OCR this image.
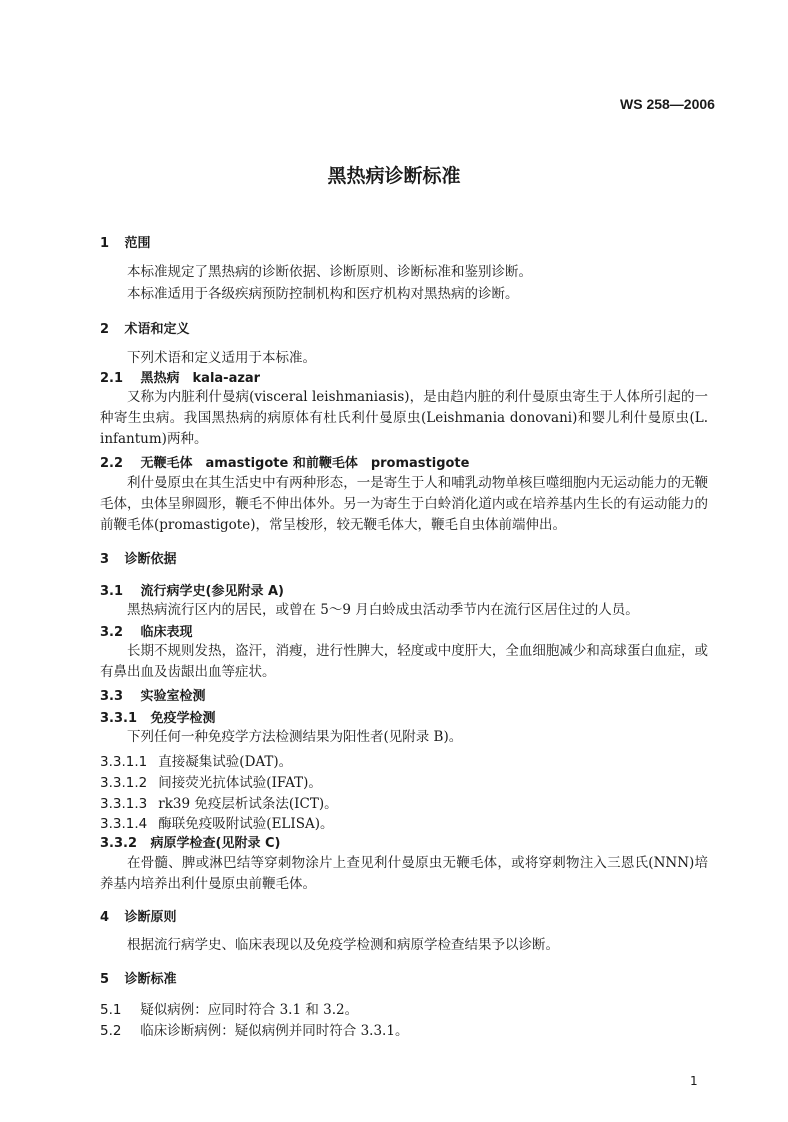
WS 258—2006
黑热病诊断标准
1 范围
本标准规定了黑热病的诊断依据、诊断原则、诊断标准和鉴别诊断。
本标准适用于各级疾病预防控制机构和医疗机构对黑热病的诊断。
2 术语和定义
下列术语和定义适用于本标准。
2.1 黑热病　kala-azar
又称为内脏利什曼病(visceral leishmaniasis)，是由趋内脏的利什曼原虫寄生于人体所引起的一种寄生虫病。我国黑热病的病原体有杜氏利什曼原虫(Leishmania donovani)和婴儿利什曼原虫(L. infantum)两种。
2.2 无鞭毛体　amastigote 和前鞭毛体　promastigote
利什曼原虫在其生活史中有两种形态，一是寄生于人和哺乳动物单核巨噬细胞内无运动能力的无鞭毛体，虫体呈卵圆形，鞭毛不伸出体外。另一为寄生于白蛉消化道内或在培养基内生长的有运动能力的前鞭毛体(promastigote)，常呈梭形，较无鞭毛体大，鞭毛自虫体前端伸出。
3 诊断依据
3.1 流行病学史(参见附录 A)
黑热病流行区内的居民，或曾在 5～9 月白蛉成虫活动季节内在流行区居住过的人员。
3.2 临床表现
长期不规则发热，盗汗，消瘦，进行性脾大，轻度或中度肝大，全血细胞减少和高球蛋白血症，或有鼻出血及齿龈出血等症状。
3.3 实验室检测
3.3.1 免疫学检测
下列任何一种免疫学方法检测结果为阳性者(见附录 B)。
3.3.1.1 直接凝集试验(DAT)。
3.3.1.2 间接荧光抗体试验(IFAT)。
3.3.1.3 rk39 免疫层析试条法(ICT)。
3.3.1.4 酶联免疫吸附试验(ELISA)。
3.3.2 病原学检查(见附录 C)
在骨髓、脾或淋巴结等穿刺物涂片上查见利什曼原虫无鞭毛体，或将穿刺物注入三恩氏(NNN)培养基内培养出利什曼原虫前鞭毛体。
4 诊断原则
根据流行病学史、临床表现以及免疫学检测和病原学检查结果予以诊断。
5 诊断标准
5.1 疑似病例：应同时符合 3.1 和 3.2。
5.2 临床诊断病例：疑似病例并同时符合 3.3.1。
1
